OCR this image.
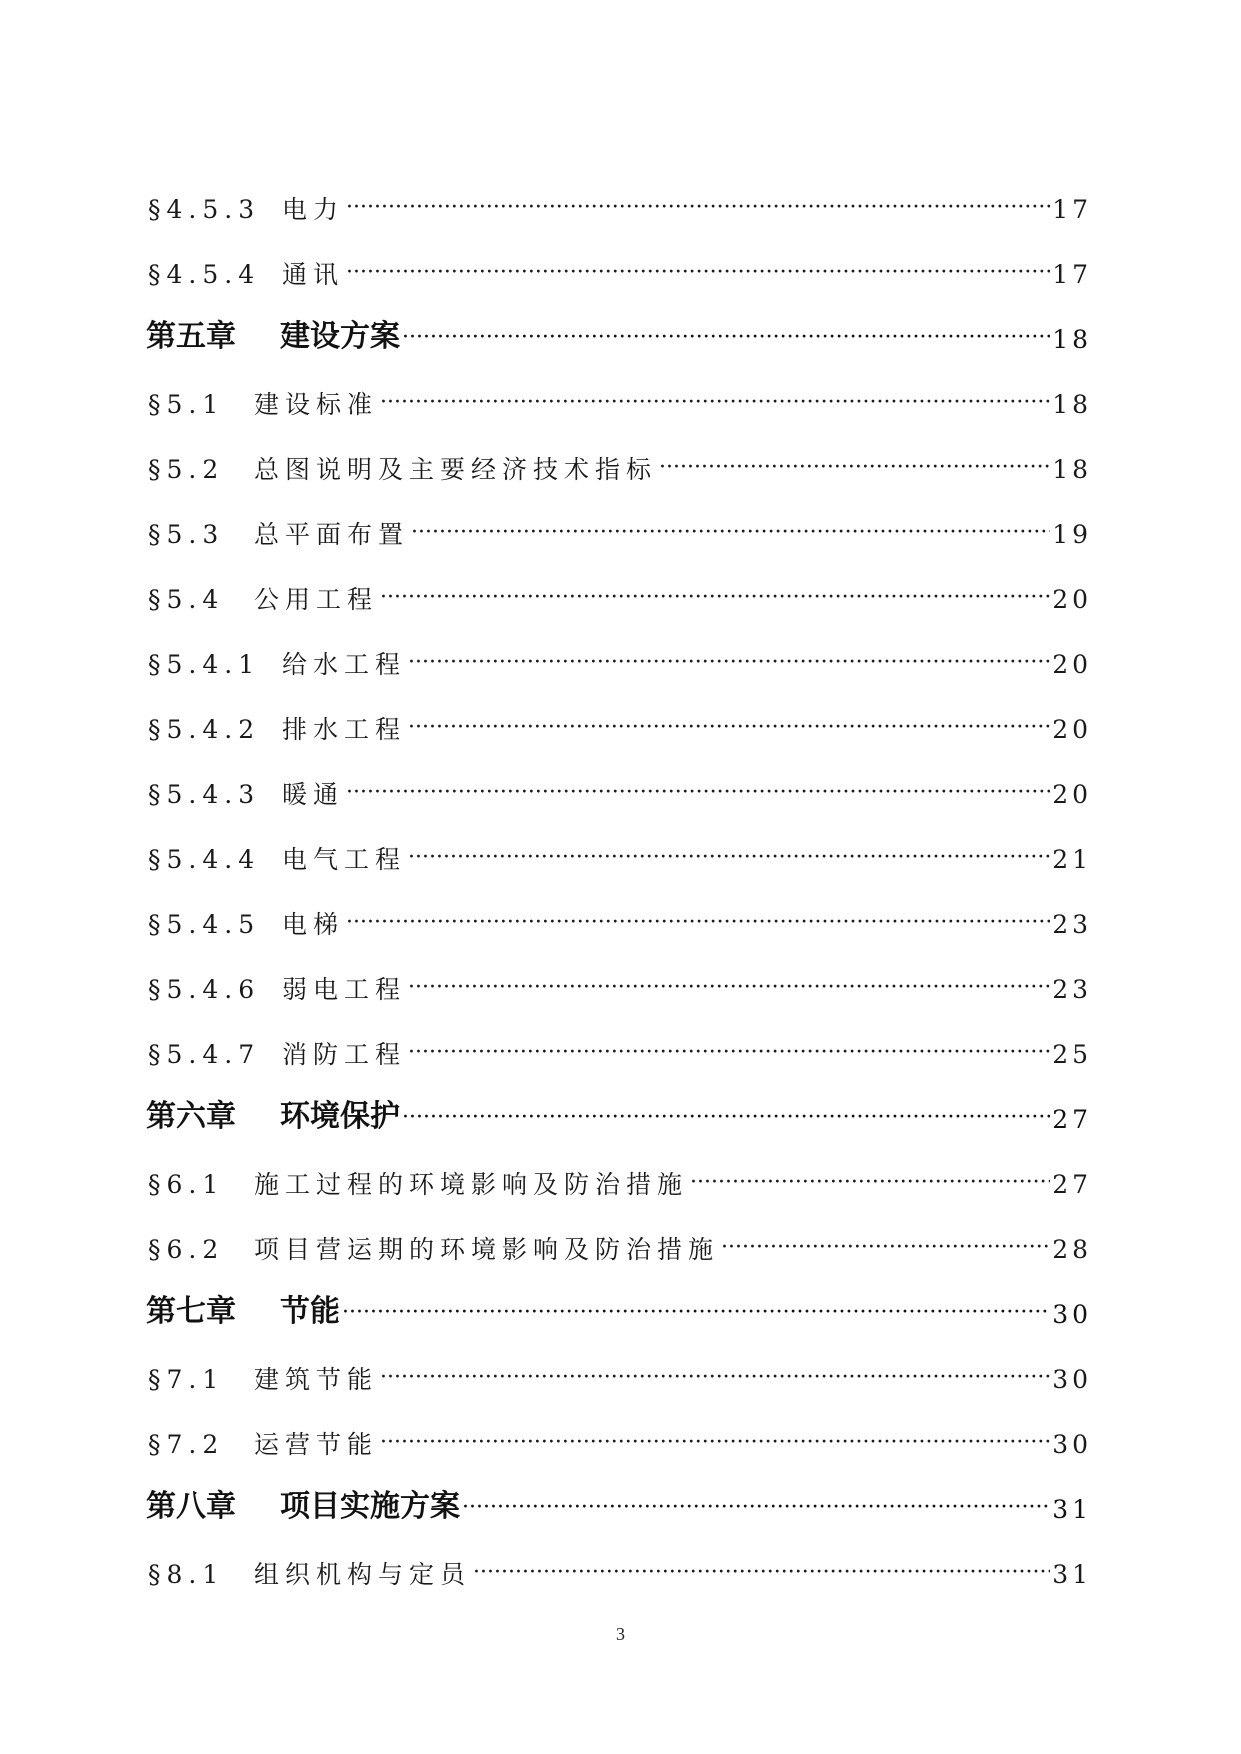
§4.5.3 电力 ·····	17
§4.5.4 通讯 ·····	17
第五章	建设方案 ·····	18
§5.1	建设标准 ·····	18
§5.2	总图说明及主要经济技术指标 ·····	18
§5.3	总平面布置 ·····	19
§5.4	公用工程 ·····	20
§5.4.1 给水工程 ·····	20
§5.4.2 排水工程 ·····	20
§5.4.3 暖通 ·····	20
§5.4.4 电气工程 ·····	21
§5.4.5 电梯 ·····	23
§5.4.6 弱电工程 ·····	23
§5.4.7 消防工程 ·····	25
第六章	环境保护 ·····	27
§6.1	施工过程的环境影响及防治措施 ·····	27
§6.2	项目营运期的环境影响及防治措施 ·····	28
第七章	节能 ·····	30
§7.1	建筑节能 ·····	30
§7.2	运营节能 ·····	30
第八章	项目实施方案 ·····	31
§8.1	组织机构与定员 ·····	31
3
